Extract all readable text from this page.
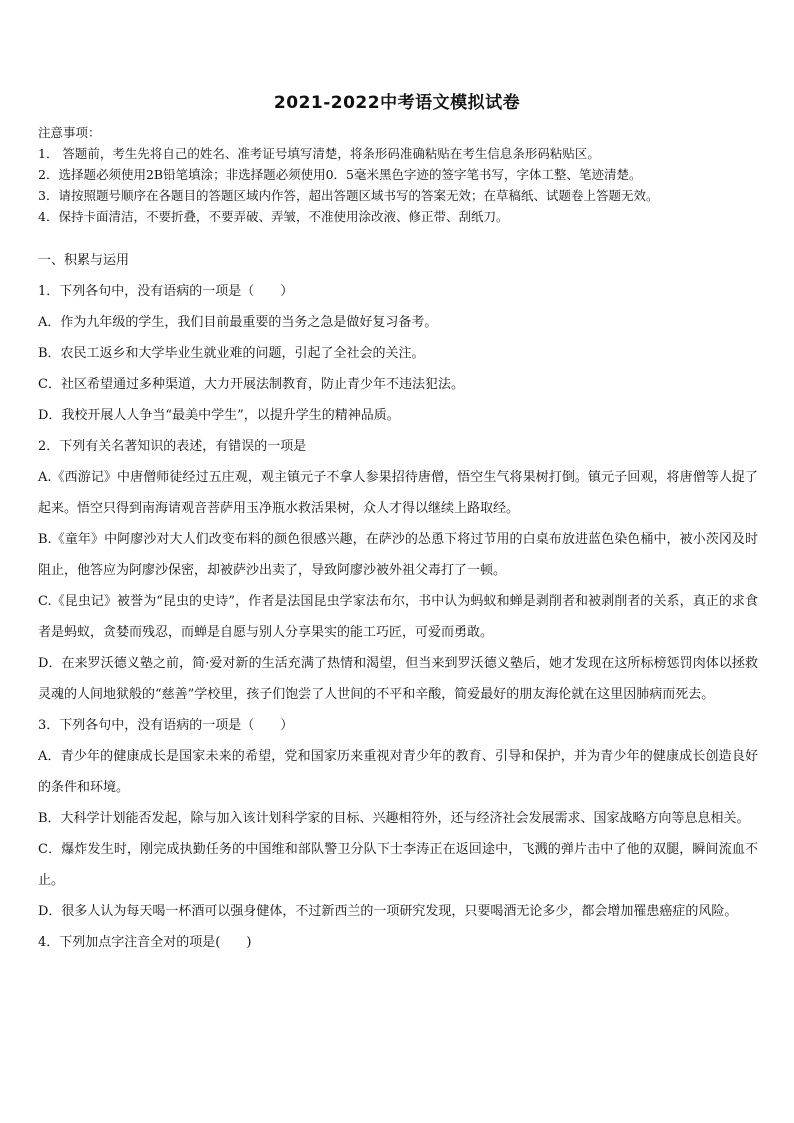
2021-2022中考语文模拟试卷
注意事项：
1． 答题前，考生先将自己的姓名、准考证号填写清楚，将条形码准确粘贴在考生信息条形码粘贴区。
2．选择题必须使用2B铅笔填涂；非选择题必须使用0．5毫米黑色字迹的签字笔书写，字体工整、笔迹清楚。
3．请按照题号顺序在各题目的答题区域内作答，超出答题区域书写的答案无效；在草稿纸、试题卷上答题无效。
4．保持卡面清洁，不要折叠，不要弄破、弄皱，不准使用涂改液、修正带、刮纸刀。

一、积累与运用

1．下列各句中，没有语病的一项是（　　）

A．作为九年级的学生，我们目前最重要的当务之急是做好复习备考。

B．农民工返乡和大学毕业生就业难的问题，引起了全社会的关注。

C．社区希望通过多种渠道，大力开展法制教育，防止青少年不违法犯法。

D．我校开展人人争当“最美中学生”，以提升学生的精神品质。

2．下列有关名著知识的表述，有错误的一项是

A.《西游记》中唐僧师徒经过五庄观，观主镇元子不拿人参果招待唐僧，悟空生气将果树打倒。镇元子回观，将唐僧等人捉了起来。悟空只得到南海请观音菩萨用玉净瓶水救活果树，众人才得以继续上路取经。

B.《童年》中阿廖沙对大人们改变布料的颜色很感兴趣，在萨沙的怂恿下将过节用的白桌布放进蓝色染色桶中，被小茨冈及时阻止，他答应为阿廖沙保密，却被萨沙出卖了，导致阿廖沙被外祖父毒打了一顿。

C.《昆虫记》被誉为“昆虫的史诗”，作者是法国昆虫学家法布尔，书中认为蚂蚁和蝉是剥削者和被剥削者的关系，真正的求食者是蚂蚁，贪婪而残忍，而蝉是自愿与别人分享果实的能工巧匠，可爱而勇敢。

D．在来罗沃德义塾之前，简·爱对新的生活充满了热情和渴望，但当来到罗沃德义塾后，她才发现在这所标榜惩罚肉体以拯救灵魂的人间地狱般的“慈善”学校里，孩子们饱尝了人世间的不平和辛酸，简爱最好的朋友海伦就在这里因肺病而死去。

3．下列各句中，没有语病的一项是（　　）

A．青少年的健康成长是国家未来的希望，党和国家历来重视对青少年的教育、引导和保护，并为青少年的健康成长创造良好的条件和环境。

B．大科学计划能否发起，除与加入该计划科学家的目标、兴趣相符外，还与经济社会发展需求、国家战略方向等息息相关。

C．爆炸发生时，刚完成执勤任务的中国维和部队警卫分队下士李涛正在返回途中，飞溅的弹片击中了他的双腿，瞬间流血不止。

D．很多人认为每天喝一杯酒可以强身健体，不过新西兰的一项研究发现，只要喝酒无论多少，都会增加罹患癌症的风险。

4．下列加点字注音全对的项是(　　)
